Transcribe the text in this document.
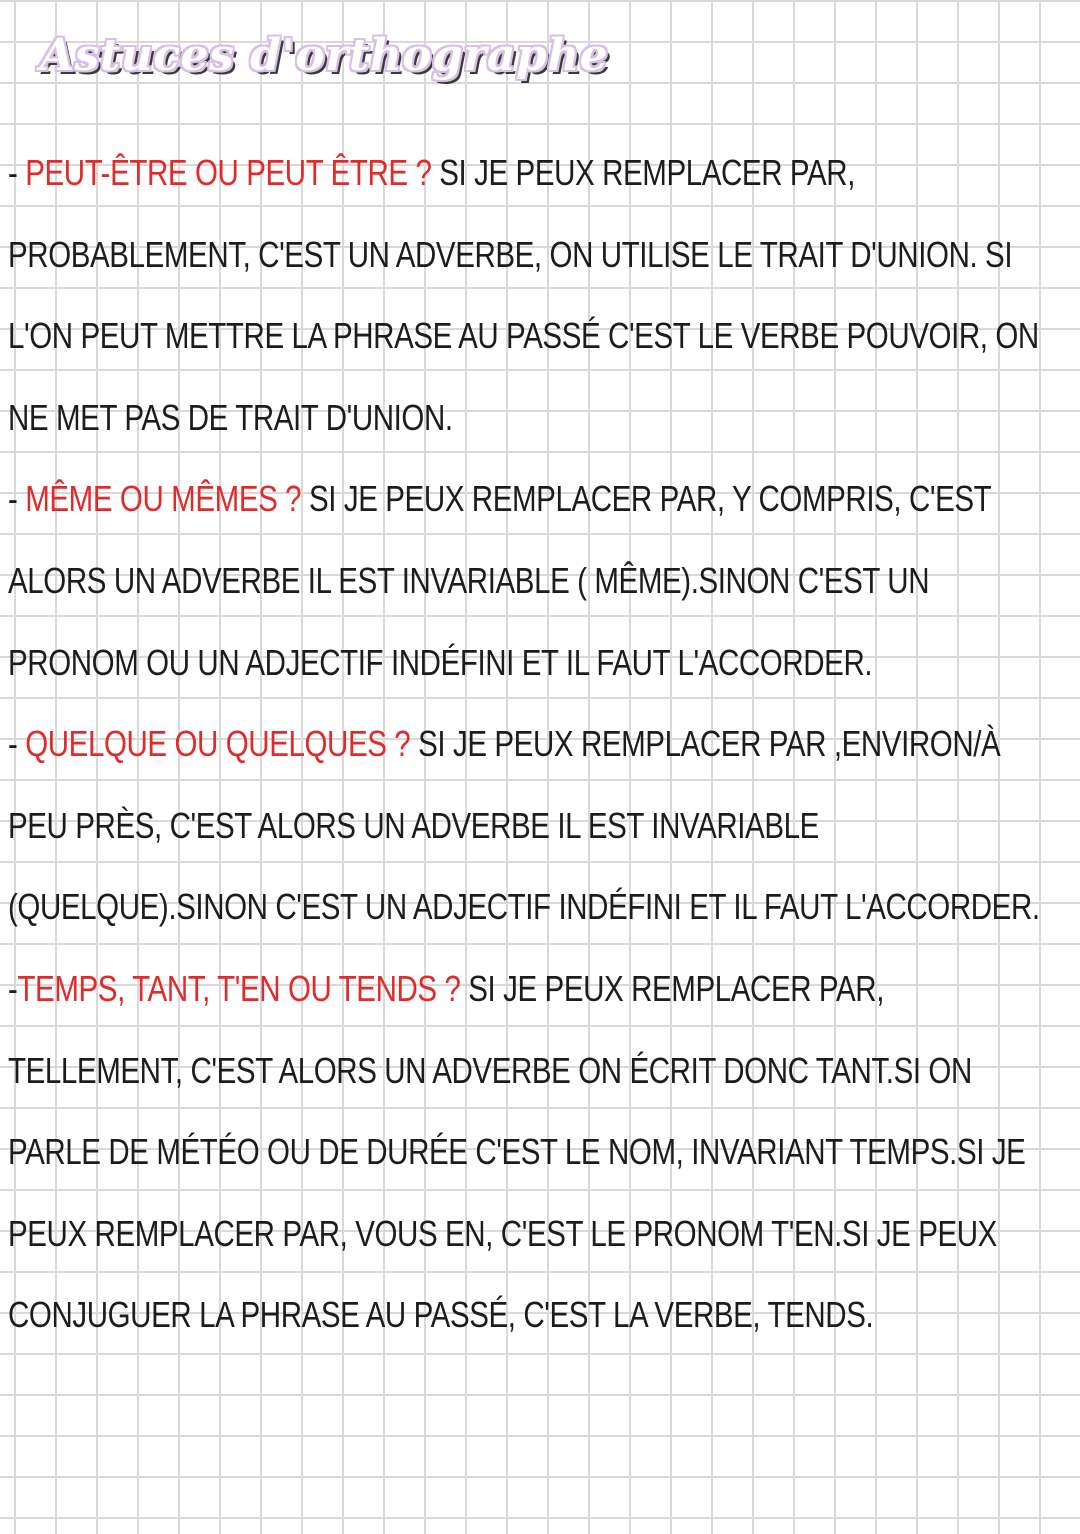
Astuces d'orthographe

- PEUT-ÊTRE OU PEUT ÊTRE ? SI JE PEUX REMPLACER PAR, PROBABLEMENT, C'EST UN ADVERBE, ON UTILISE LE TRAIT D'UNION. SI L'ON PEUT METTRE LA PHRASE AU PASSÉ C'EST LE VERBE POUVOIR, ON NE MET PAS DE TRAIT D'UNION.

- MÊME OU MÊMES ? SI JE PEUX REMPLACER PAR, Y COMPRIS, C'EST ALORS UN ADVERBE IL EST INVARIABLE ( MÊME).SINON C'EST UN PRONOM OU UN ADJECTIF INDÉFINI ET IL FAUT L'ACCORDER.

- QUELQUE OU QUELQUES ? SI JE PEUX REMPLACER PAR ,ENVIRON/À PEU PRÈS, C'EST ALORS UN ADVERBE IL EST INVARIABLE (QUELQUE).SINON C'EST UN ADJECTIF INDÉFINI ET IL FAUT L'ACCORDER.

-TEMPS, TANT, T'EN OU TENDS ? SI JE PEUX REMPLACER PAR, TELLEMENT, C'EST ALORS UN ADVERBE ON ÉCRIT DONC TANT.SI ON PARLE DE MÉTÉO OU DE DURÉE C'EST LE NOM, INVARIANT TEMPS.SI JE PEUX REMPLACER PAR, VOUS EN, C'EST LE PRONOM T'EN.SI JE PEUX CONJUGUER LA PHRASE AU PASSÉ, C'EST LA VERBE, TENDS.
